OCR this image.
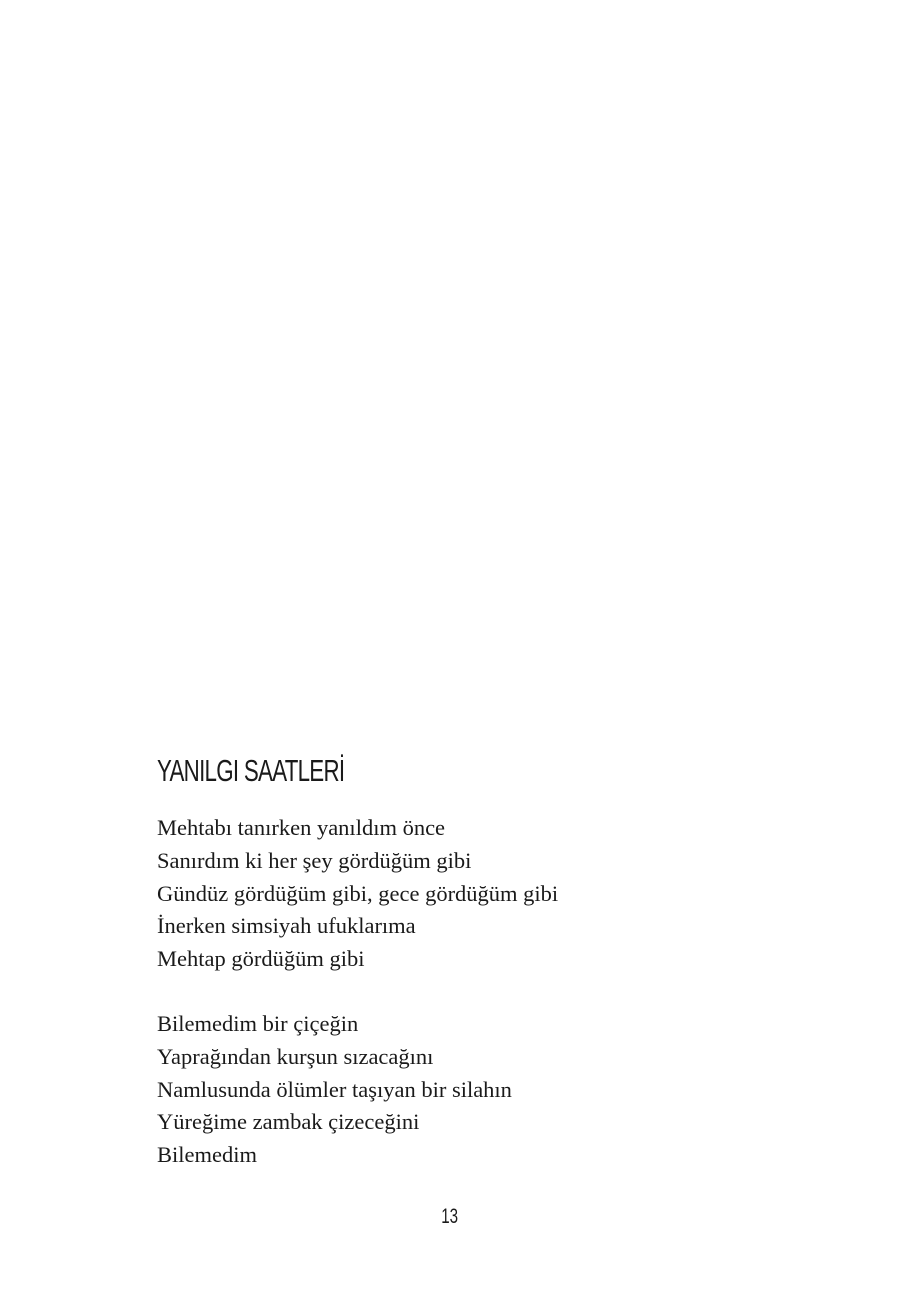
YANILGI SAATLERİ
Mehtabı tanırken yanıldım önce
Sanırdım ki her şey gördüğüm gibi
Gündüz gördüğüm gibi, gece gördüğüm gibi
İnerken simsiyah ufuklarıma
Mehtap gördüğüm gibi
Bilemedim bir çiçeğin
Yaprağından kurşun sızacağını
Namlusunda ölümler taşıyan bir silahın
Yüreğime zambak çizeceğini
Bilemedim
13
